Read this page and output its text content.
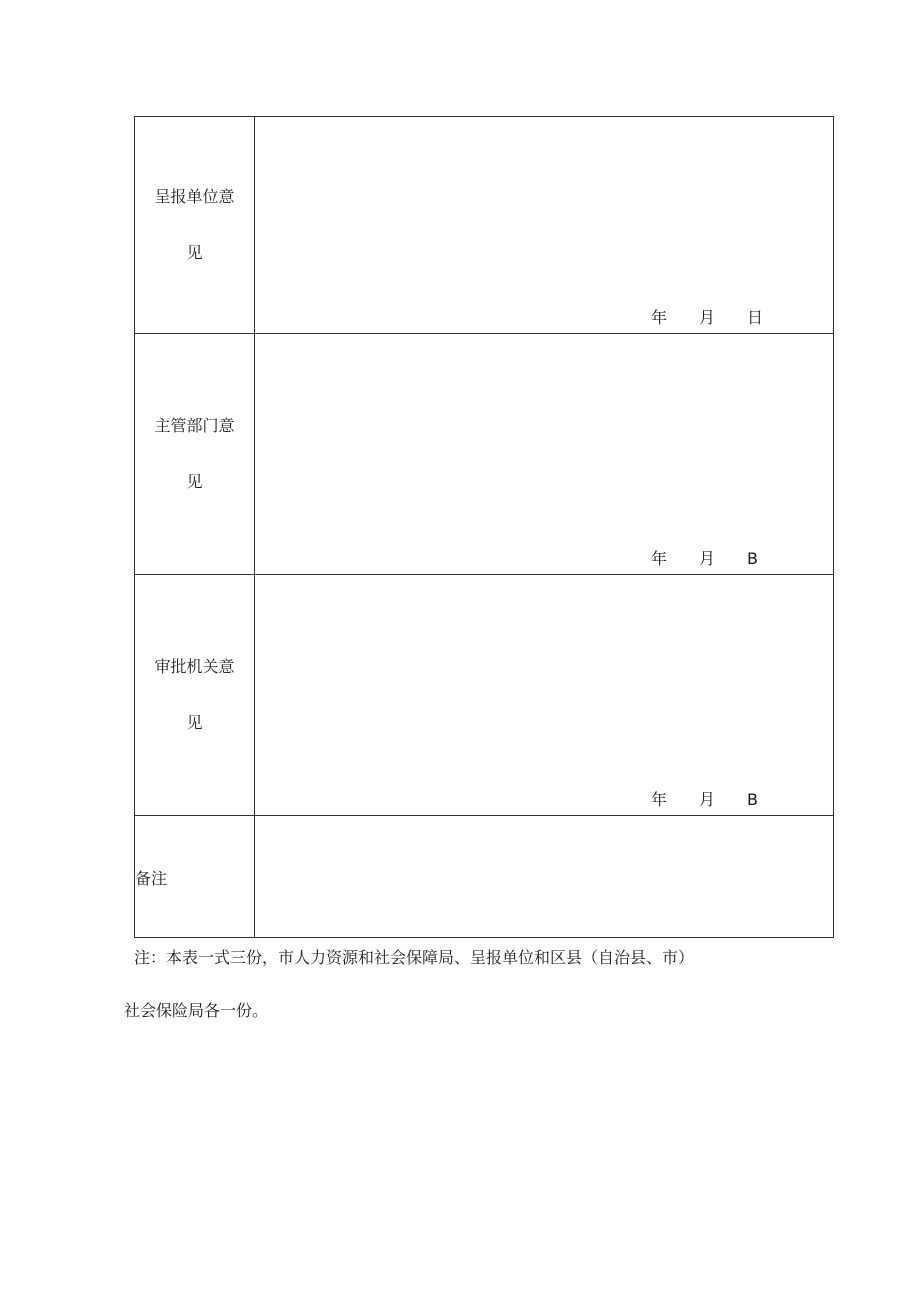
呈报单位意见	年 月 日

主管部门意见	年 月 B

审批机关意见	年 月 B

备注	

注：本表一式三份，市人力资源和社会保障局、呈报单位和区县（自治县、市）
社会保险局各一份。
